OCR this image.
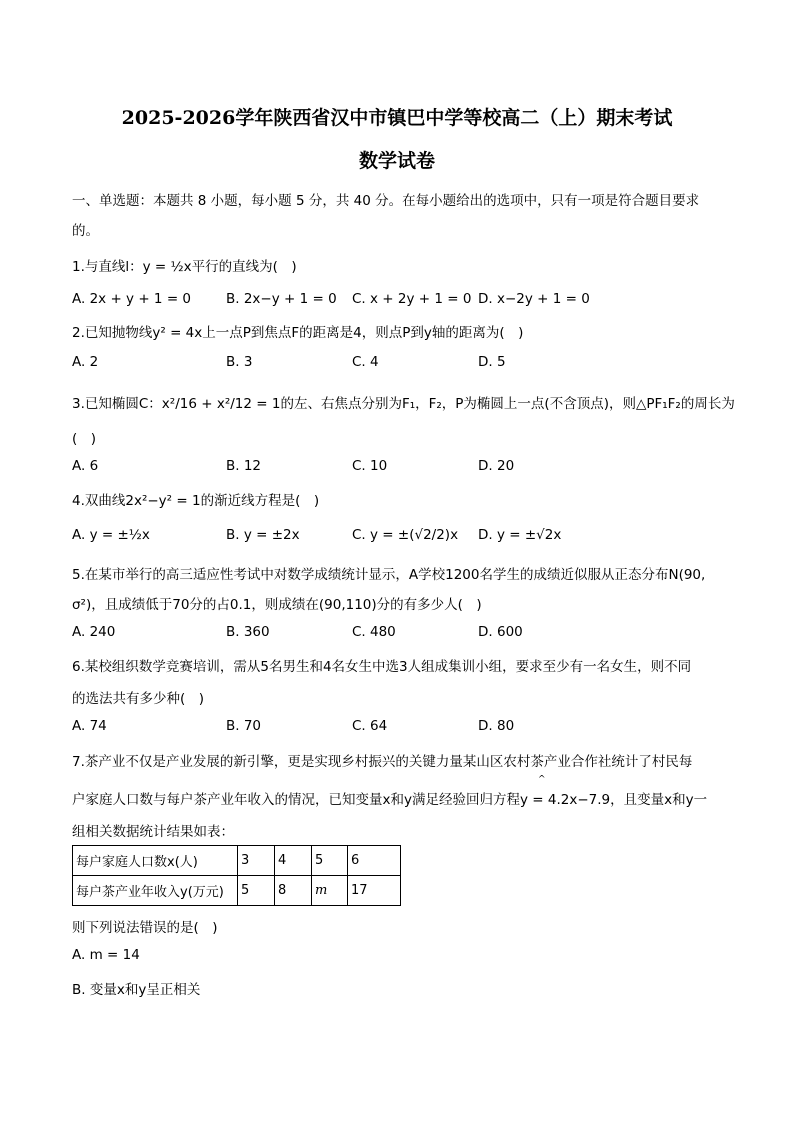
2025-2026学年陕西省汉中市镇巴中学等校高二（上）期末考试
数学试卷
一、单选题：本题共 8 小题，每小题 5 分，共 40 分。在每小题给出的选项中，只有一项是符合题目要求
的。
1.与直线l：y = ½x平行的直线为(　)
A. 2x + y + 1 = 0	B. 2x−y + 1 = 0 C. x + 2y + 1 = 0 D. x−2y + 1 = 0
2.已知抛物线y² = 4x上一点P到焦点F的距离是4，则点P到y轴的距离为(　)
A. 2	B. 3	C. 4	D. 5
3.已知椭圆C：x²/16 + x²/12 = 1的左、右焦点分别为F₁，F₂，P为椭圆上一点(不含顶点)，则△PF₁F₂的周长为
(　)
A. 6	B. 12	C. 10	D. 20
4.双曲线2x²−y² = 1的渐近线方程是(　)
A. y = ±½x	B. y = ±2x	C. y = ±(√2/2)x D. y = ±√2x
5.在某市举行的高三适应性考试中对数学成绩统计显示，A学校1200名学生的成绩近似服从正态分布N(90,
σ²)，且成绩低于70分的占0.1，则成绩在(90,110)分的有多少人(　)
A. 240	B. 360	C. 480	D. 600
6.某校组织数学竞赛培训，需从5名男生和4名女生中选3人组成集训小组，要求至少有一名女生，则不同
的选法共有多少种(　)
A. 74	B. 70	C. 64	D. 80
7.茶产业不仅是产业发展的新引擎，更是实现乡村振兴的关键力量某山区农村茶产业合作社统计了村民每
^
户家庭人口数与每户茶产业年收入的情况，已知变量x和y满足经验回归方程y = 4.2x−7.9，且变量x和y一
组相关数据统计结果如表：
每户家庭人口数x(人)	3	4	5	6
每户茶产业年收入y(万元)	5	8	m	17
则下列说法错误的是(　)
A. m = 14
B. 变量x和y呈正相关
